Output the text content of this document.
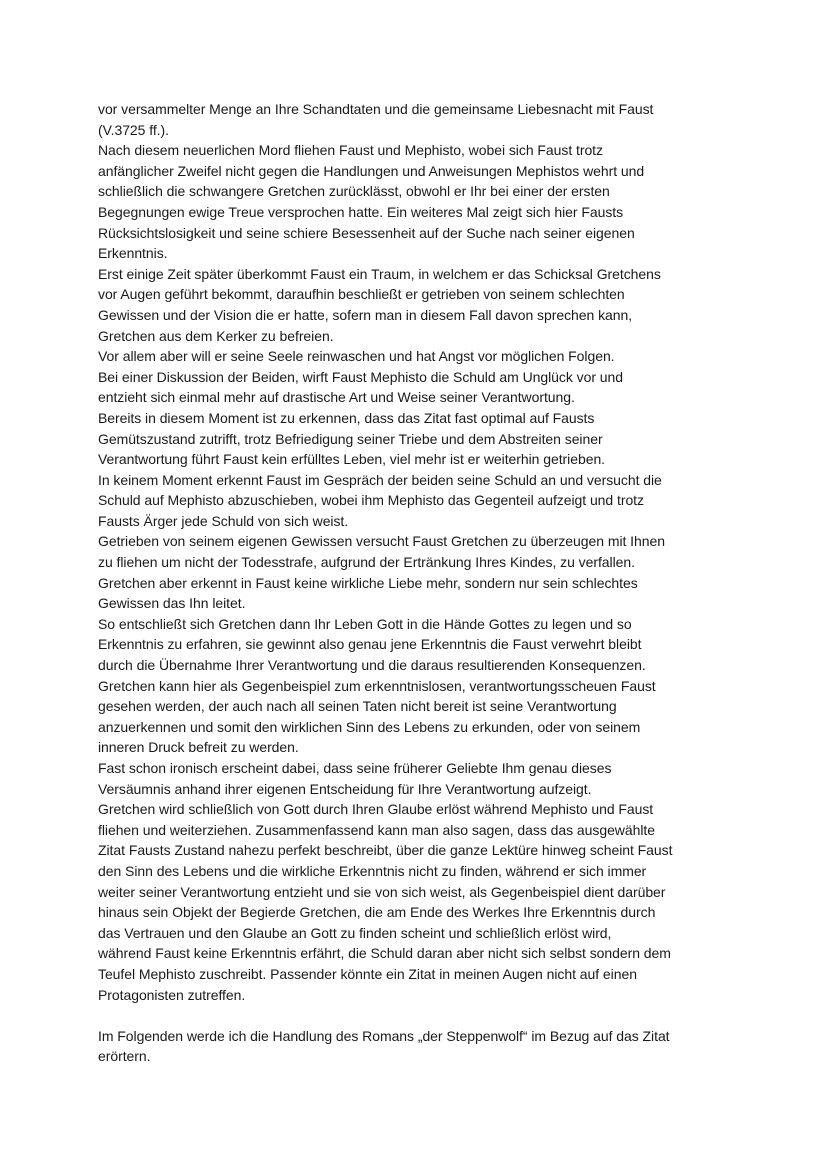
vor versammelter Menge an Ihre Schandtaten und die gemeinsame Liebesnacht mit Faust
(V.3725 ff.).
Nach diesem neuerlichen Mord fliehen Faust und Mephisto, wobei sich Faust trotz
anfänglicher Zweifel nicht gegen die Handlungen und Anweisungen Mephistos wehrt und
schließlich die schwangere Gretchen zurücklässt, obwohl er Ihr bei einer der ersten
Begegnungen ewige Treue versprochen hatte. Ein weiteres Mal zeigt sich hier Fausts
Rücksichtslosigkeit und seine schiere Besessenheit auf der Suche nach seiner eigenen
Erkenntnis.
Erst einige Zeit später überkommt Faust ein Traum, in welchem er das Schicksal Gretchens
vor Augen geführt bekommt, daraufhin beschließt er getrieben von seinem schlechten
Gewissen und der Vision die er hatte, sofern man in diesem Fall davon sprechen kann,
Gretchen aus dem Kerker zu befreien.
Vor allem aber will er seine Seele reinwaschen und hat Angst vor möglichen Folgen.
Bei einer Diskussion der Beiden, wirft Faust Mephisto die Schuld am Unglück vor und
entzieht sich einmal mehr auf drastische Art und Weise seiner Verantwortung.
Bereits in diesem Moment ist zu erkennen, dass das Zitat fast optimal auf Fausts
Gemütszustand zutrifft, trotz Befriedigung seiner Triebe und dem Abstreiten seiner
Verantwortung führt Faust kein erfülltes Leben, viel mehr ist er weiterhin getrieben.
In keinem Moment erkennt Faust im Gespräch der beiden seine Schuld an und versucht die
Schuld auf Mephisto abzuschieben, wobei ihm Mephisto das Gegenteil aufzeigt und trotz
Fausts Ärger jede Schuld von sich weist.
Getrieben von seinem eigenen Gewissen versucht Faust Gretchen zu überzeugen mit Ihnen
zu fliehen um nicht der Todesstrafe, aufgrund der Ertränkung Ihres Kindes, zu verfallen.
Gretchen aber erkennt in Faust keine wirkliche Liebe mehr, sondern nur sein schlechtes
Gewissen das Ihn leitet.
So entschließt sich Gretchen dann Ihr Leben Gott in die Hände Gottes zu legen und so
Erkenntnis zu erfahren, sie gewinnt also genau jene Erkenntnis die Faust verwehrt bleibt
durch die Übernahme Ihrer Verantwortung und die daraus resultierenden Konsequenzen.
Gretchen kann hier als Gegenbeispiel zum erkenntnislosen, verantwortungsscheuen Faust
gesehen werden, der auch nach all seinen Taten nicht bereit ist seine Verantwortung
anzuerkennen und somit den wirklichen Sinn des Lebens zu erkunden, oder von seinem
inneren Druck befreit zu werden.
Fast schon ironisch erscheint dabei, dass seine früherer Geliebte Ihm genau dieses
Versäumnis anhand ihrer eigenen Entscheidung für Ihre Verantwortung aufzeigt.
Gretchen wird schließlich von Gott durch Ihren Glaube erlöst während Mephisto und Faust
fliehen und weiterziehen. Zusammenfassend kann man also sagen, dass das ausgewählte
Zitat Fausts Zustand nahezu perfekt beschreibt, über die ganze Lektüre hinweg scheint Faust
den Sinn des Lebens und die wirkliche Erkenntnis nicht zu finden, während er sich immer
weiter seiner Verantwortung entzieht und sie von sich weist, als Gegenbeispiel dient darüber
hinaus sein Objekt der Begierde Gretchen, die am Ende des Werkes Ihre Erkenntnis durch
das Vertrauen und den Glaube an Gott zu finden scheint und schließlich erlöst wird,
während Faust keine Erkenntnis erfährt, die Schuld daran aber nicht sich selbst sondern dem
Teufel Mephisto zuschreibt. Passender könnte ein Zitat in meinen Augen nicht auf einen
Protagonisten zutreffen.
Im Folgenden werde ich die Handlung des Romans „der Steppenwolf“ im Bezug auf das Zitat
erörtern.
